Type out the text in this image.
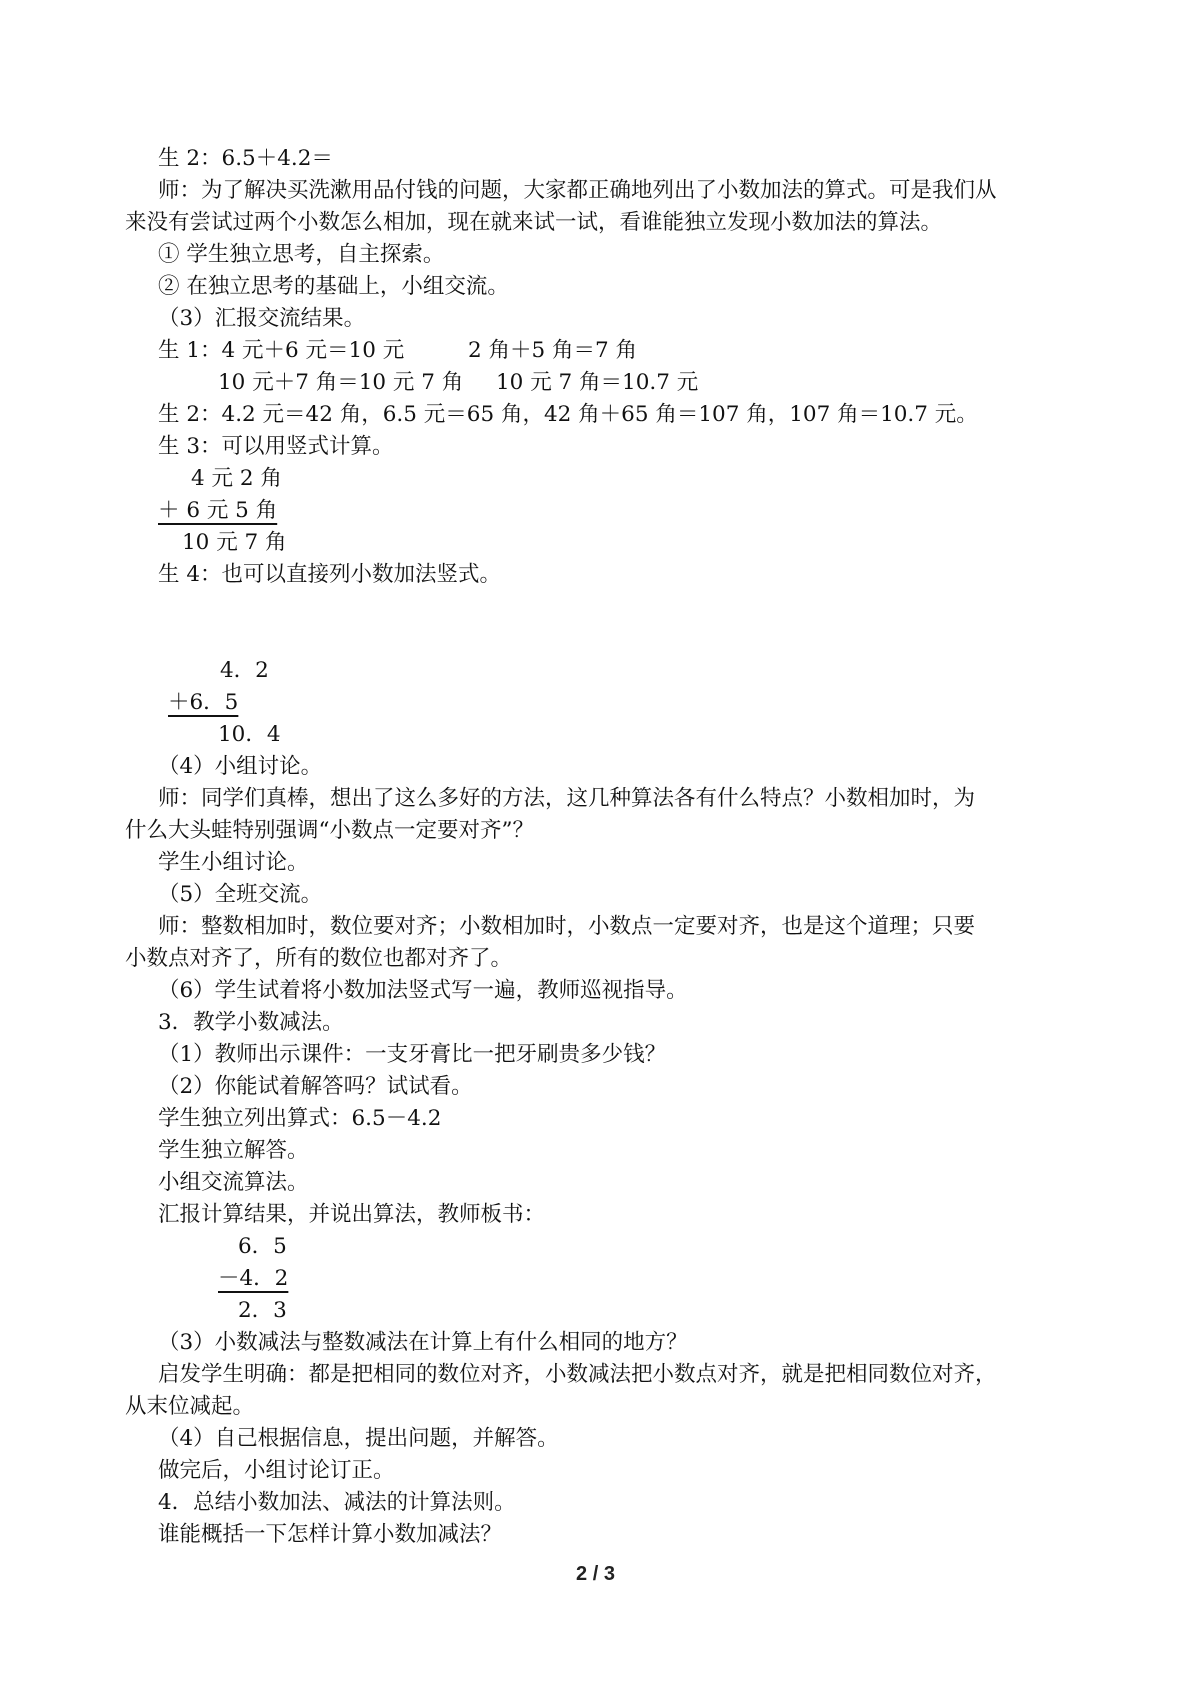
生 2：6.5＋4.2＝
师：为了解决买洗漱用品付钱的问题，大家都正确地列出了小数加法的算式。可是我们从
来没有尝试过两个小数怎么相加，现在就来试一试，看谁能独立发现小数加法的算法。
① 学生独立思考，自主探索。
② 在独立思考的基础上，小组交流。
（3）汇报交流结果。
生 1：4 元＋6 元＝10 元	2 角＋5 角＝7 角
10 元＋7 角＝10 元 7 角 10 元 7 角＝10.7 元
生 2：4.2 元＝42 角，6.5 元＝65 角，42 角＋65 角＝107 角，107 角＝10.7 元。
生 3：可以用竖式计算。
4 元 2 角
＋ 6 元 5 角
10 元 7 角
生 4：也可以直接列小数加法竖式。
4．2
＋6．5
10．4
（4）小组讨论。
师：同学们真棒，想出了这么多好的方法，这几种算法各有什么特点？小数相加时，为
什么大头蛙特别强调“小数点一定要对齐”？
学生小组讨论。
（5）全班交流。
师：整数相加时，数位要对齐；小数相加时，小数点一定要对齐，也是这个道理；只要
小数点对齐了，所有的数位也都对齐了。
（6）学生试着将小数加法竖式写一遍，教师巡视指导。
3．教学小数减法。
（1）教师出示课件：一支牙膏比一把牙刷贵多少钱？
（2）你能试着解答吗？试试看。
学生独立列出算式：6.5－4.2
学生独立解答。
小组交流算法。
汇报计算结果，并说出算法，教师板书：
6．5
－4．2
2．3
（3）小数减法与整数减法在计算上有什么相同的地方？
启发学生明确：都是把相同的数位对齐，小数减法把小数点对齐，就是把相同数位对齐，
从末位减起。
（4）自己根据信息，提出问题，并解答。
做完后，小组讨论订正。
4．总结小数加法、减法的计算法则。
谁能概括一下怎样计算小数加减法？
2 / 3
